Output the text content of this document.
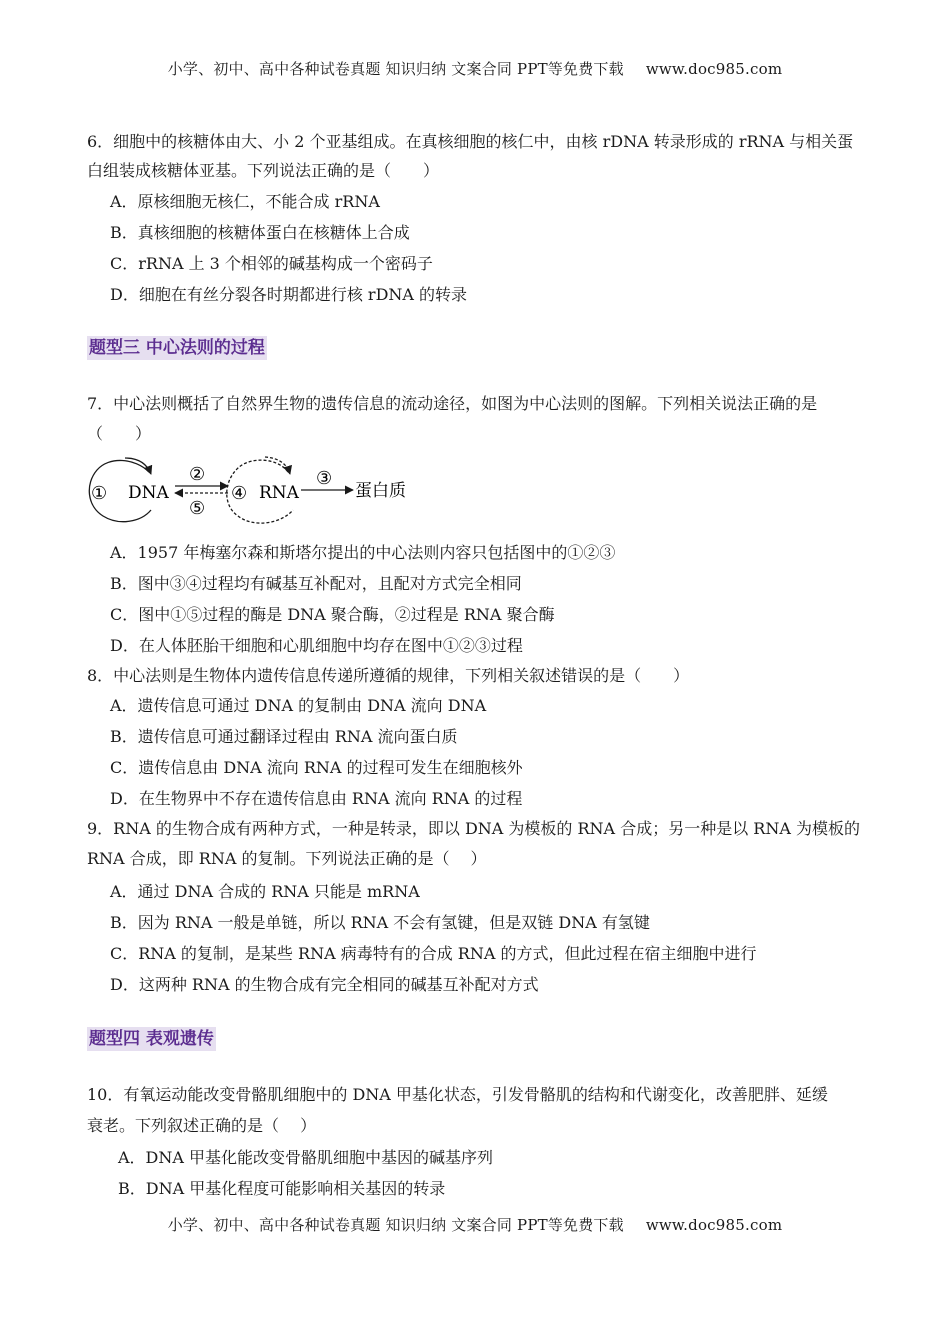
小学、初中、高中各种试卷真题 知识归纳 文案合同 PPT等免费下载 www.doc985.com
6．细胞中的核糖体由大、小 2 个亚基组成。在真核细胞的核仁中，由核 rDNA 转录形成的 rRNA 与相关蛋
白组装成核糖体亚基。下列说法正确的是（　　）
A．原核细胞无核仁，不能合成 rRNA
B．真核细胞的核糖体蛋白在核糖体上合成
C．rRNA 上 3 个相邻的碱基构成一个密码子
D．细胞在有丝分裂各时期都进行核 rDNA 的转录
题型三 中心法则的过程
7．中心法则概括了自然界生物的遗传信息的流动途径，如图为中心法则的图解。下列相关说法正确的是
（　　）
① DNA
②
⑤
④ RNA
③
蛋白质
A．1957 年梅塞尔森和斯塔尔提出的中心法则内容只包括图中的①②③
B．图中③④过程均有碱基互补配对，且配对方式完全相同
C．图中①⑤过程的酶是 DNA 聚合酶，②过程是 RNA 聚合酶
D．在人体胚胎干细胞和心肌细胞中均存在图中①②③过程
8．中心法则是生物体内遗传信息传递所遵循的规律，下列相关叙述错误的是（　　）
A．遗传信息可通过 DNA 的复制由 DNA 流向 DNA
B．遗传信息可通过翻译过程由 RNA 流向蛋白质
C．遗传信息由 DNA 流向 RNA 的过程可发生在细胞核外
D．在生物界中不存在遗传信息由 RNA 流向 RNA 的过程
9．RNA 的生物合成有两种方式，一种是转录，即以 DNA 为模板的 RNA 合成；另一种是以 RNA 为模板的
RNA 合成，即 RNA 的复制。下列说法正确的是（　 ）
A．通过 DNA 合成的 RNA 只能是 mRNA
B．因为 RNA 一般是单链，所以 RNA 不会有氢键，但是双链 DNA 有氢键
C．RNA 的复制，是某些 RNA 病毒特有的合成 RNA 的方式，但此过程在宿主细胞中进行
D．这两种 RNA 的生物合成有完全相同的碱基互补配对方式
题型四 表观遗传
10．有氧运动能改变骨骼肌细胞中的 DNA 甲基化状态，引发骨骼肌的结构和代谢变化，改善肥胖、延缓
衰老。下列叙述正确的是（　 ）
A．DNA 甲基化能改变骨骼肌细胞中基因的碱基序列
B．DNA 甲基化程度可能影响相关基因的转录
小学、初中、高中各种试卷真题 知识归纳 文案合同 PPT等免费下载 www.doc985.com
